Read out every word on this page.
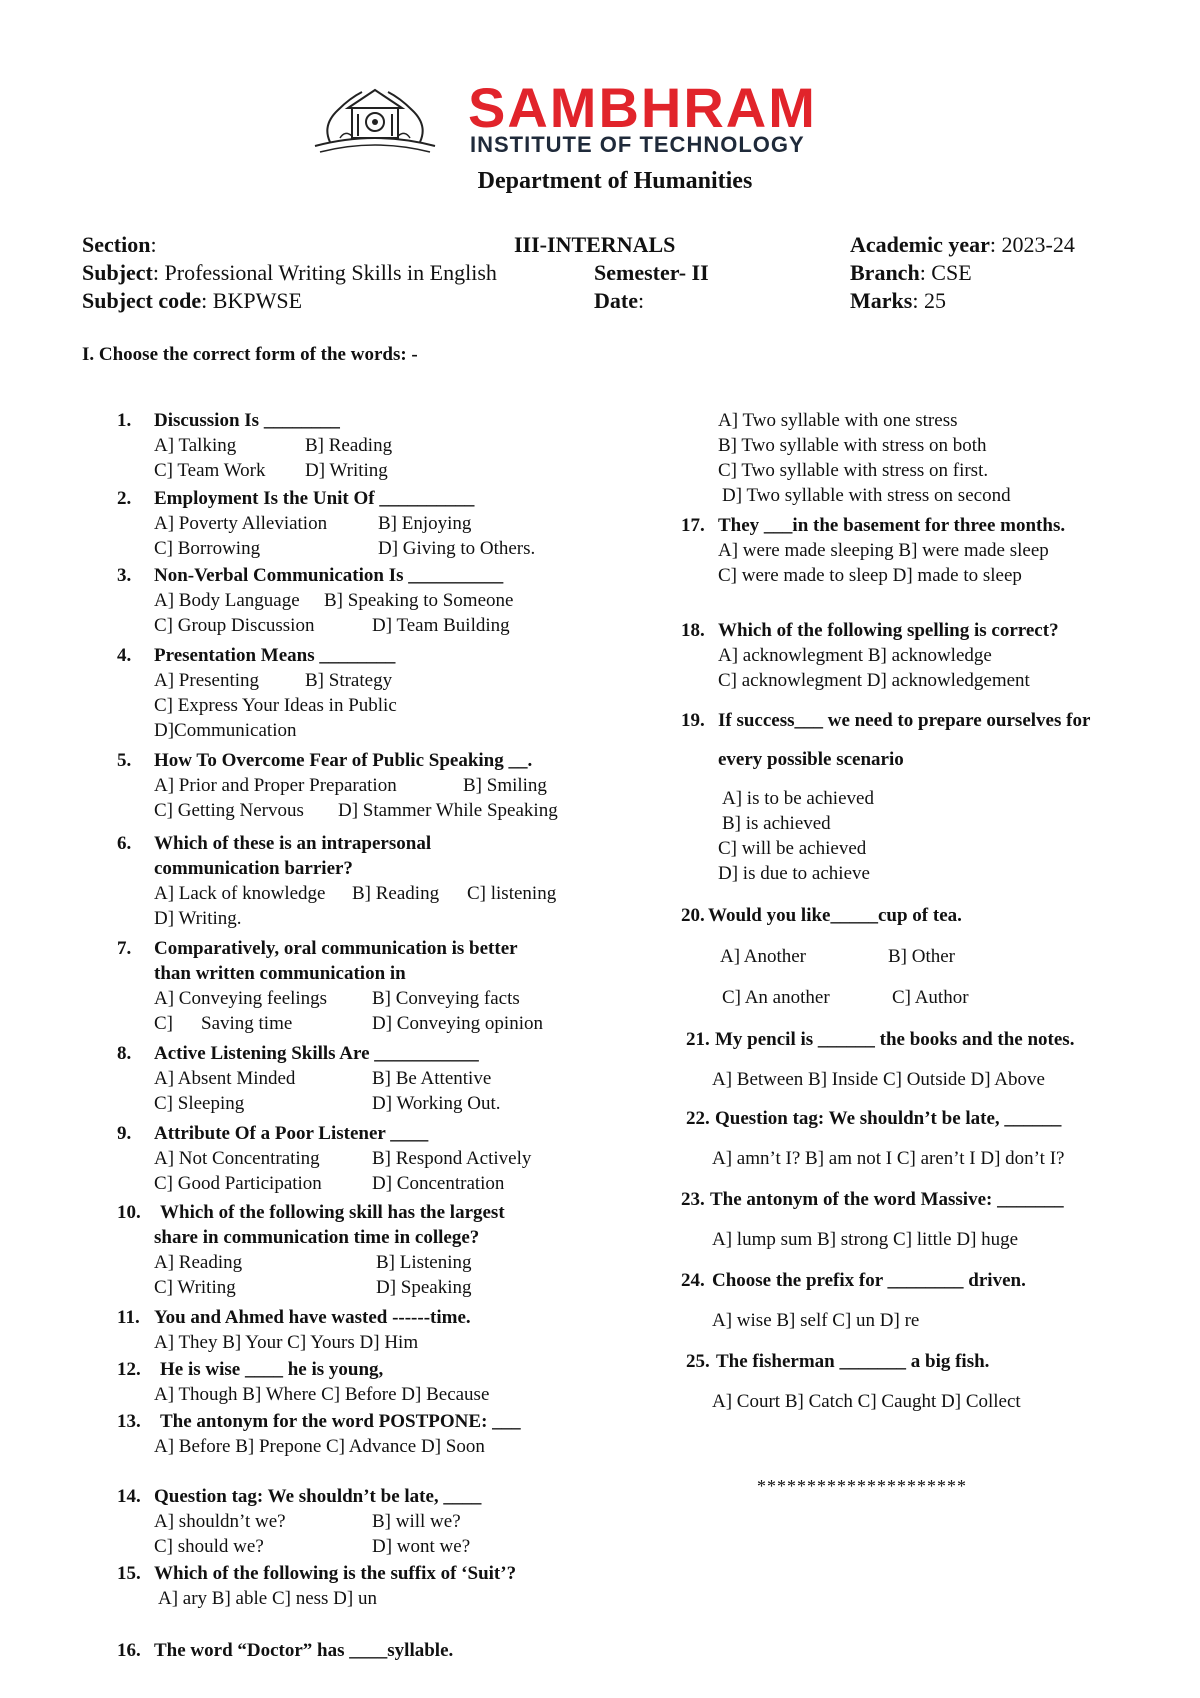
SAMBHRAM
INSTITUTE OF TECHNOLOGY
Department of Humanities
Section:	III-INTERNALS	Academic year: 2023-24
Subject: Professional Writing Skills in English	Semester- II	Branch: CSE
Subject code: BKPWSE	Date:	Marks: 25
I. Choose the correct form of the words: -
1. Discussion Is ________
A] Talking	B] Reading
C] Team Work D] Writing
2. Employment Is the Unit Of __________
A] Poverty Alleviation	B] Enjoying
C] Borrowing	D] Giving to Others.
3. Non-Verbal Communication Is __________
A] Body Language B] Speaking to Someone
C] Group Discussion	D] Team Building
4. Presentation Means ________
A] Presenting B] Strategy
C] Express Your Ideas in Public
D]Communication
5. How To Overcome Fear of Public Speaking __.
A] Prior and Proper Preparation	B] Smiling
C] Getting Nervous D] Stammer While Speaking
6. Which of these is an intrapersonal
communication barrier?
A] Lack of knowledge B] Reading C] listening
D] Writing.
7. Comparatively, oral communication is better
than written communication in
A] Conveying feelings B] Conveying facts
C] Saving time	D] Conveying opinion
8. Active Listening Skills Are ___________
A] Absent Minded	B] Be Attentive
C] Sleeping	D] Working Out.
9. Attribute Of a Poor Listener ____
A] Not Concentrating	B] Respond Actively
C] Good Participation	D] Concentration
10. Which of the following skill has the largest
share in communication time in college?
A] Reading	B] Listening
C] Writing	D] Speaking
11. You and Ahmed have wasted ------time.
A] They B] Your C] Yours D] Him
12. He is wise ____ he is young,
A] Though B] Where C] Before D] Because
13. The antonym for the word POSTPONE: ___
A] Before B] Prepone C] Advance D] Soon
14. Question tag: We shouldn’t be late, ____
A] shouldn’t we?	B] will we?
C] should we?	D] wont we?
15. Which of the following is the suffix of ‘Suit’?
A] ary B] able C] ness D] un
16. The word “Doctor” has ____syllable.
A] Two syllable with one stress
B] Two syllable with stress on both
C] Two syllable with stress on first.
D] Two syllable with stress on second
17. They ___in the basement for three months.
A] were made sleeping B] were made sleep
C] were made to sleep D] made to sleep
18. Which of the following spelling is correct?
A] acknowlegment B] acknowledge
C] acknowlegment D] acknowledgement
19. If success___ we need to prepare ourselves for
every possible scenario
A] is to be achieved
B] is achieved
C] will be achieved
D] is due to achieve
20. Would you like_____cup of tea.
A] Another	B] Other
C] An another	C] Author
21. My pencil is ______ the books and the notes.
A] Between B] Inside C] Outside D] Above
22. Question tag: We shouldn’t be late, ______
A] amn’t I? B] am not I C] aren’t I D] don’t I?
23. The antonym of the word Massive: _______
A] lump sum B] strong C] little D] huge
24. Choose the prefix for ________ driven.
A] wise B] self C] un D] re
25. The fisherman _______ a big fish.
A] Court B] Catch C] Caught D] Collect
*********************
